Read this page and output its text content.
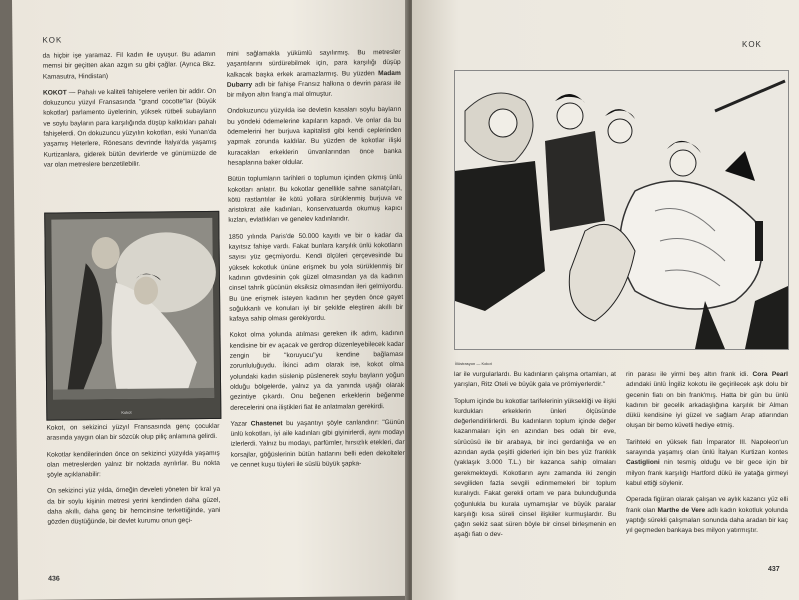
KOK

da hiçbir işe yaramaz. Fil kadın ile uyuşur. Bu adamın memsi bir geçitten akan azgın su gibi çağlar. (Ayrıca Bkz. Kamasutra, Hindistan)

KOKOT — Pahalı ve kaliteli fahişelere verilen bir addır. On dokuzuncu yüzyıl Fransasında "grand cocotte"lar (büyük kokotlar) parlamento üyelerinin, yüksek rütbeli subayların ve soylu bayların para karşılığında düşüp kalktıkları pahalı fahişelerdi. On dokuzuncu yüzyılın kokotları, eski Yunan'da yaşamış Heterlere, Rönesans devrinde İtalya'da yaşamış Kurtizanlara, giderek bütün devirlerde ve günümüzde de var olan metreslere benzetilebilir.

Kokot

Kokot, on sekizinci yüzyıl Fransasında genç çocuklar arasında yaygın olan bir sözcük olup piliç anlamına gelirdi.

Kokotlar kendilerinden önce on sekizinci yüzyılda yaşamış olan metreslerden yalnız bir noktada ayrılırlar. Bu nokta şöyle açıklanabilir:

On sekizinci yüz yılda, örneğin develeti yöneten bir kral ya da bir soylu kişinin metresi yerini kendinden daha güzel, daha akıllı, daha genç bir hemcinsine terkettiğinde, yani gözden düştüğünde, bir devlet kurumu onun geçi-

mini sağlamakla yükümlü sayılırmış. Bu metresler yaşantılarını sürdürebilmek için, para karşılığı düşüp kalkacak başka erkek aramazlarmış. Bu yüzden Madam Dubarry adlı bir fahişe Fransız halkına o devrin parası ile bir milyon altın frang'a mal olmuştur.

Ondokuzuncu yüzyılda ise devletin kasaları soylu bayların bu yöndeki ödemelerine kapıların kapadı. Ve onlar da bu ödemelerini her burjuva kapitalisti gibi kendi ceplerinden yapmak zorunda kaldılar. Bu yüzden de kokotlar ilişki kuracakları erkeklerin ünvanlarından önce banka hesaplarına baker oldular.

Bütün toplumların tarihleri o toplumun içinden çıkmış ünlü kokotları anlatır. Bu kokotlar genellikle sahne sanatçıları, kötü rastlantılar ile kötü yollara sürüklenmiş burjuva ve aristokrat aile kadınları, konservatuarda okumuş kapıcı kızları, evlatlıkları ve genelev kadınlarıdır.

1850 yılında Paris'de 50.000 kayıtlı ve bir o kadar da kayıtsız fahişe vardı. Fakat bunlara karşılık ünlü kokotların sayısı yüz geçmiyordu. Kendi ölçüleri çerçevesinde bu yüksek kokotluk ününe erişmek bu yola sürüklenmiş bir kadının gövdesinin çok güzel olmasından ya da kadının cinsel tahrik gücünün eksiksiz olmasından ileri gelmiyordu. Bu üne erişmek isteyen kadının her şeyden önce gayet soğukkanlı ve konuları iyi bir şekilde eleştiren akıllı bir kafaya sahip olması gerekiyordu.

Kokot olma yolunda atılması gereken ilk adım, kadının kendisine bir ev açacak ve gerdrop düzenleyebilecek kadar zengin bir "koruyucu"yu kendine bağlaması zorunluluğuydu. İkinci adım olarak ise, kokot olma yolundaki kadın süslenip püslenerek soylu bayların yoğun olduğu bölgelerde, yalnız ya da yanında uşağı olarak gezintiye çıkardı. Onu beğenen erkeklerin beğenme derecelerini ona iliştikleri fiat ile anlatmaları gerekirdi.

Yazar Chastenet bu yaşantıyı şöyle canlandırır: "Günün ünlü kokotları, iyi aile kadınları gibi giyinirlerdi, aynı modayı izlerlerdi. Yalnız bu modayı, parfümler, hırsızlık etekleri, dar korsajlar, göğüslerinin bütün hatlarını belli eden dekolteler ve cennet kuşu tüyleri ile süslü büyük şapka-

436
KOK
İllüstrasyon — Kokot

lar ile vurgularlardı. Bu kadınların çalışma ortamları, at yarışları, Ritz Oteli ve büyük gala ve prömiyerlerdir."

Toplum içinde bu kokotlar tarifelerinin yüksekliği ve ilişki kurdukları erkeklerin ünleri ölçüsünde değerlendirilirlerdi. Bu kadınların toplum içinde değer kazanmaları için en azından bes odalı bir eve, sürücüsü ile bir arabaya, bir inci gerdanlığa ve en azından ayda çeşitli giderleri için bin bes yüz franklık (yaklaşık 3.000 T.L.) bir kazanca sahip olmaları gerekmekteydi. Kokotların aynı zamanda iki zengin sevgiliden fazla sevgili edinmemeleri bir toplum kuralıydı. Fakat gerekli ortam ve para bulunduğunda çoğunlukla bu kurala uymamışlar ve büyük paralar karşılığı kısa süreli cinsel ilişkiler kurmuşlardır. Bu çağın sekiz saat süren böyle bir cinsel birleşmenin en aşağı fiatı o dev-

rin parası ile yirmi beş altın frank idi. Cora Pearl adındaki ünlü İngiliz kokotu ile geçirilecek aşk dolu bir gecenin fiatı on bin frank'mış. Hatta bir gün bu ünlü kadının bir gecelik arkadaşlığına karşılık bir Alman dükü kendisine iyi güzel ve sağlam Arap atlarından oluşan bir bemo küvetli hediye etmiş.

Tarihteki en yüksek fiatı İmparator III. Napoleon'un sarayında yaşamış olan ünlü İtalyan Kurtizan kontes Castiglioni nin tesmiş olduğu ve bir gece için bir milyon frank karşılığı Hartford dükü ile yatağa girmeyi kabul ettiği söylenir.

Operada figüran olarak çalışan ve aylık kazancı yüz elli frank olan Marthe de Vere adlı kadın kokotluk yolunda yaptığı sürekli çalışmaları sonunda daha aradan bir kaç yıl geçmeden bankaya bes milyon yatırmıştır.

437
